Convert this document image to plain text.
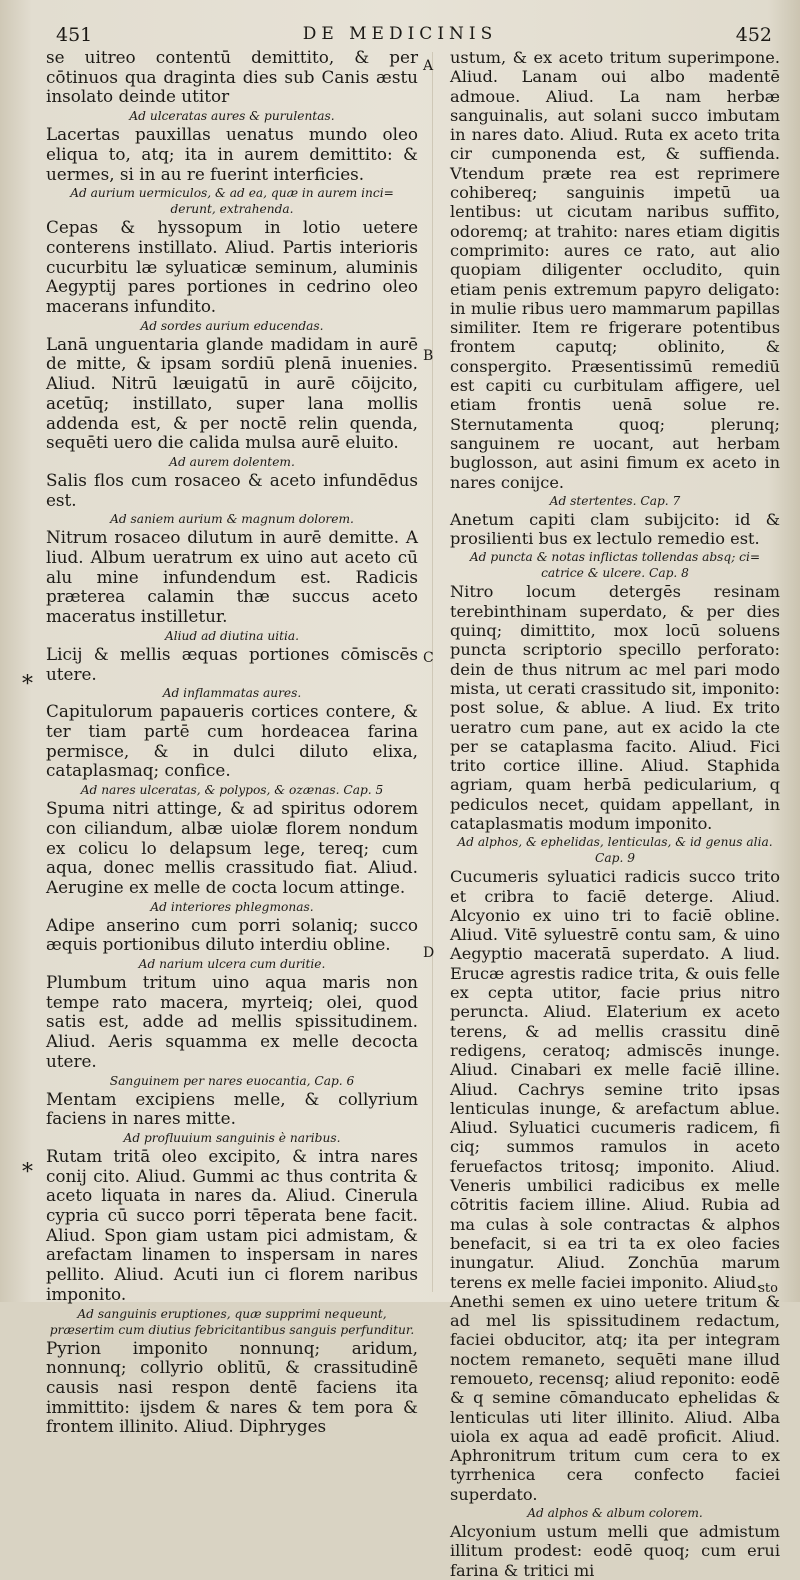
451	DE MEDICINIS	452
A
B
C
D
*
*

se uitreo contentū demittito, & per cōtinuos qua draginta dies sub Canis æstu insolato deinde utitor

Ad ulceratas aures & purulentas.

Lacertas pauxillas uenatus mundo oleo eliqua to, atq; ita in aurem demittito: & uermes, si in au re fuerint interficies.

Ad aurium uermiculos, & ad ea, quæ in aurem inci= derunt, extrahenda.

Cepas & hyssopum in lotio uetere conterens instillato. Aliud. Partis interioris cucurbitu læ syluaticæ seminum, aluminis Aegyptij pares portiones in cedrino oleo macerans infundito.

Ad sordes aurium educendas.

Lanā unguentaria glande madidam in aurē de mitte, & ipsam sordiū plenā inuenies. Aliud. Nitrū læuigatū in aurē cōijcito, acetūq; instillato, super lana mollis addenda est, & per noctē relin quenda, sequēti uero die calida mulsa aurē eluito.

Ad aurem dolentem.

Salis flos cum rosaceo & aceto infundēdus est.

Ad saniem aurium & magnum dolorem.

Nitrum rosaceo dilutum in aurē demitte. A liud. Album ueratrum ex uino aut aceto cū alu mine infundendum est. Radicis præterea calamin thæ succus aceto maceratus instilletur.

Aliud ad diutina uitia.

Licij & mellis æquas portiones cōmiscēs utere.

Ad inflammatas aures.

Capitulorum papaueris cortices contere, & ter tiam partē cum hordeacea farina permisce, & in dulci diluto elixa, cataplasmaq; confice.

Ad nares ulceratas, & polypos, & ozænas. Cap. 5

Spuma nitri attinge, & ad spiritus odorem con ciliandum, albæ uiolæ florem nondum ex colicu lo delapsum lege, tereq; cum aqua, donec mellis crassitudo fiat. Aliud. Aerugine ex melle de cocta locum attinge.

Ad interiores phlegmonas.

Adipe anserino cum porri solaniq; succo æquis portionibus diluto interdiu obline.

Ad narium ulcera cum duritie.

Plumbum tritum uino aqua maris non tempe rato macera, myrteiq; olei, quod satis est, adde ad mellis spissitudinem. Aliud. Aeris squamma ex melle decocta utere.

Sanguinem per nares euocantia, Cap. 6

Mentam excipiens melle, & collyrium faciens in nares mitte.

Ad profluuium sanguinis è naribus.

Rutam tritā oleo excipito, & intra nares conij cito. Aliud. Gummi ac thus contrita & aceto liquata in nares da. Aliud. Cinerula cypria cū succo porri tēperata bene facit. Aliud. Spon giam ustam pici admistam, & arefactam linamen to inspersam in nares pellito. Aliud. Acuti iun ci florem naribus imponito.

Ad sanguinis eruptiones, quæ supprimi nequeunt, præsertim cum diutius febricitantibus sanguis perfunditur.

Pyrion imponito nonnunq; aridum, nonnunq; collyrio oblitū, & crassitudinē causis nasi respon dentē faciens ita immittito: ijsdem & nares & tem pora & frontem illinito. Aliud. Diphryges

ustum, & ex aceto tritum superimpone. Aliud. Lanam oui albo madentē admoue. Aliud. La nam herbæ sanguinalis, aut solani succo imbutam in nares dato. Aliud. Ruta ex aceto trita cir cumponenda est, & suffienda. Vtendum præte rea est reprimere cohibereq; sanguinis impetū ua lentibus: ut cicutam naribus suffito, odoremq; at trahito: nares etiam digitis comprimito: aures ce rato, aut alio quopiam diligenter occludito, quin etiam penis extremum papyro deligato: in mulie ribus uero mammarum papillas similiter. Item re frigerare potentibus frontem caputq; oblinito, & conspergito. Præsentissimū remediū est capiti cu curbitulam affigere, uel etiam frontis uenā solue re. Sternutamenta quoq; plerunq; sanguinem re uocant, aut herbam buglosson, aut asini fimum ex aceto in nares conijce.

Ad stertentes. Cap. 7

Anetum capiti clam subijcito: id & prosilienti bus ex lectulo remedio est.

Ad puncta & notas inflictas tollendas absq; ci= catrice & ulcere. Cap. 8

Nitro locum detergēs resinam terebinthinam superdato, & per dies quinq; dimittito, mox locū soluens puncta scriptorio specillo perforato: dein de thus nitrum ac mel pari modo mista, ut cerati crassitudo sit, imponito: post solue, & ablue. A liud. Ex trito ueratro cum pane, aut ex acido la cte per se cataplasma facito. Aliud. Fici trito cortice illine. Aliud. Staphida agriam, quam herbā pedicularium, q pediculos necet, quidam appellant, in cataplasmatis modum imponito.

Ad alphos, & ephelidas, lenticulas, & id genus alia. Cap. 9

Cucumeris syluatici radicis succo trito et cribra to faciē deterge. Aliud. Alcyonio ex uino tri to faciē obline. Aliud. Vitē syluestrē contu sam, & uino Aegyptio maceratā superdato. A liud. Erucæ agrestis radice trita, & ouis felle ex cepta utitor, facie prius nitro peruncta. Aliud. Elaterium ex aceto terens, & ad mellis crassitu dinē redigens, ceratoq; admiscēs inunge. Aliud. Cinabari ex melle faciē illine. Aliud. Cachrys semine trito ipsas lenticulas inunge, & arefactum ablue. Aliud. Syluatici cucumeris radicem, fi ciq; summos ramulos in aceto feruefactos tritosq; imponito. Aliud. Veneris umbilici radicibus ex melle cōtritis faciem illine. Aliud. Rubia ad ma culas à sole contractas & alphos benefacit, si ea tri ta ex oleo facies inungatur. Aliud. Zonchūa marum terens ex melle faciei imponito. Aliud.

Anethi semen ex uino uetere tritum & ad mel lis spissitudinem redactum, faciei obducitor, atq; ita per integram noctem remaneto, sequēti mane illud remoueto, recensq; aliud reponito: eodē & q semine cōmanducato ephelidas & lenticulas uti liter illinito. Aliud. Alba uiola ex aqua ad eadē proficit. Aliud. Aphronitrum tritum cum cera to ex tyrrhenica cera confecto faciei superdato.

Ad alphos & album colorem.

Alcyonium ustum melli que admistum illitum prodest: eodē quoq; cum erui farina & tritici mi

sto
